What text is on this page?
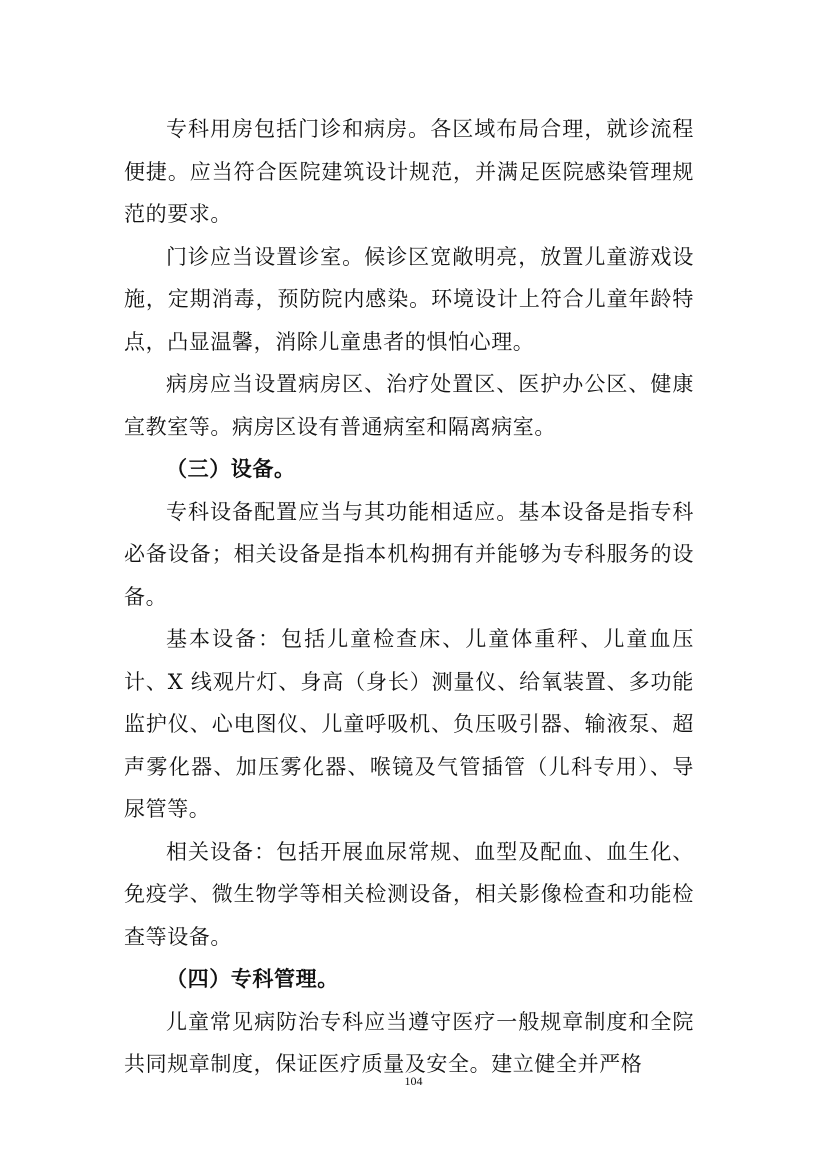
专科用房包括门诊和病房。各区域布局合理，就诊流程便捷。应当符合医院建筑设计规范，并满足医院感染管理规范的要求。

门诊应当设置诊室。候诊区宽敞明亮，放置儿童游戏设施，定期消毒，预防院内感染。环境设计上符合儿童年龄特点，凸显温馨，消除儿童患者的惧怕心理。

病房应当设置病房区、治疗处置区、医护办公区、健康宣教室等。病房区设有普通病室和隔离病室。

（三）设备。

专科设备配置应当与其功能相适应。基本设备是指专科必备设备；相关设备是指本机构拥有并能够为专科服务的设备。

基本设备：包括儿童检查床、儿童体重秤、儿童血压计、X 线观片灯、身高（身长）测量仪、给氧装置、多功能监护仪、心电图仪、儿童呼吸机、负压吸引器、输液泵、超声雾化器、加压雾化器、喉镜及气管插管（儿科专用）、导尿管等。

相关设备：包括开展血尿常规、血型及配血、血生化、免疫学、微生物学等相关检测设备，相关影像检查和功能检查等设备。

（四）专科管理。

儿童常见病防治专科应当遵守医疗一般规章制度和全院共同规章制度，保证医疗质量及安全。建立健全并严格

104
